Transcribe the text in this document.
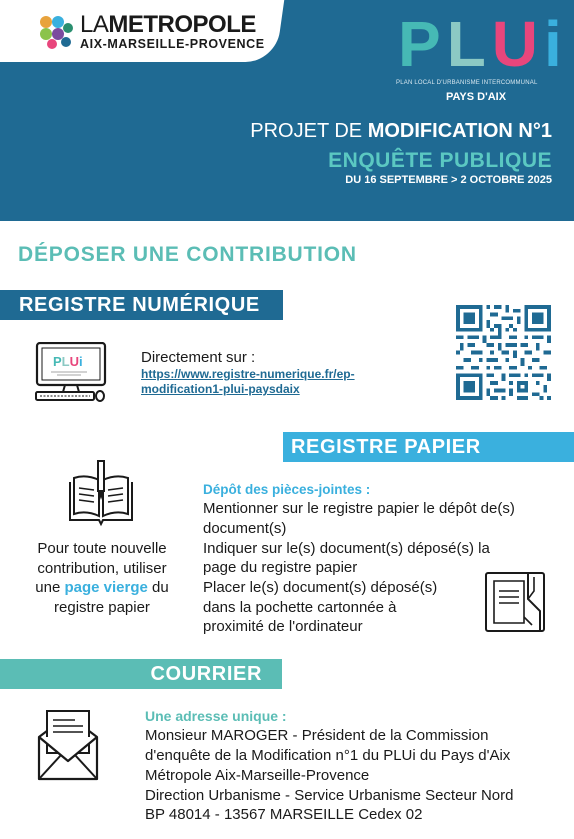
LAMETROPOLE
AIX-MARSEILLE-PROVENCE PLUi
PLAN LOCAL D'URBANISME INTERCOMMUNAL
PAYS D'AIX
PROJET DE MODIFICATION N°1
ENQUÊTE PUBLIQUE
DU 16 SEPTEMBRE > 2 OCTOBRE 2025
DÉPOSER UNE CONTRIBUTION
REGISTRE NUMÉRIQUE
PLUi	Directement sur :
https://www.registre-numerique.fr/ep-
modification1-plui-paysdaix
REGISTRE PAPIER
Pour toute nouvelle
contribution, utiliser
une page vierge du
registre papier
Dépôt des pièces-jointes :
Mentionner sur le registre papier le dépôt de(s)
document(s)
Indiquer sur le(s) document(s) déposé(s) la
page du registre papier
Placer le(s) document(s) déposé(s)
dans la pochette cartonnée à
proximité de l'ordinateur
COURRIER
Une adresse unique :
Monsieur MAROGER - Président de la Commission
d'enquête de la Modification n°1 du PLUi du Pays d'Aix
Métropole Aix-Marseille-Provence
Direction Urbanisme - Service Urbanisme Secteur Nord
BP 48014 - 13567 MARSEILLE Cedex 02
